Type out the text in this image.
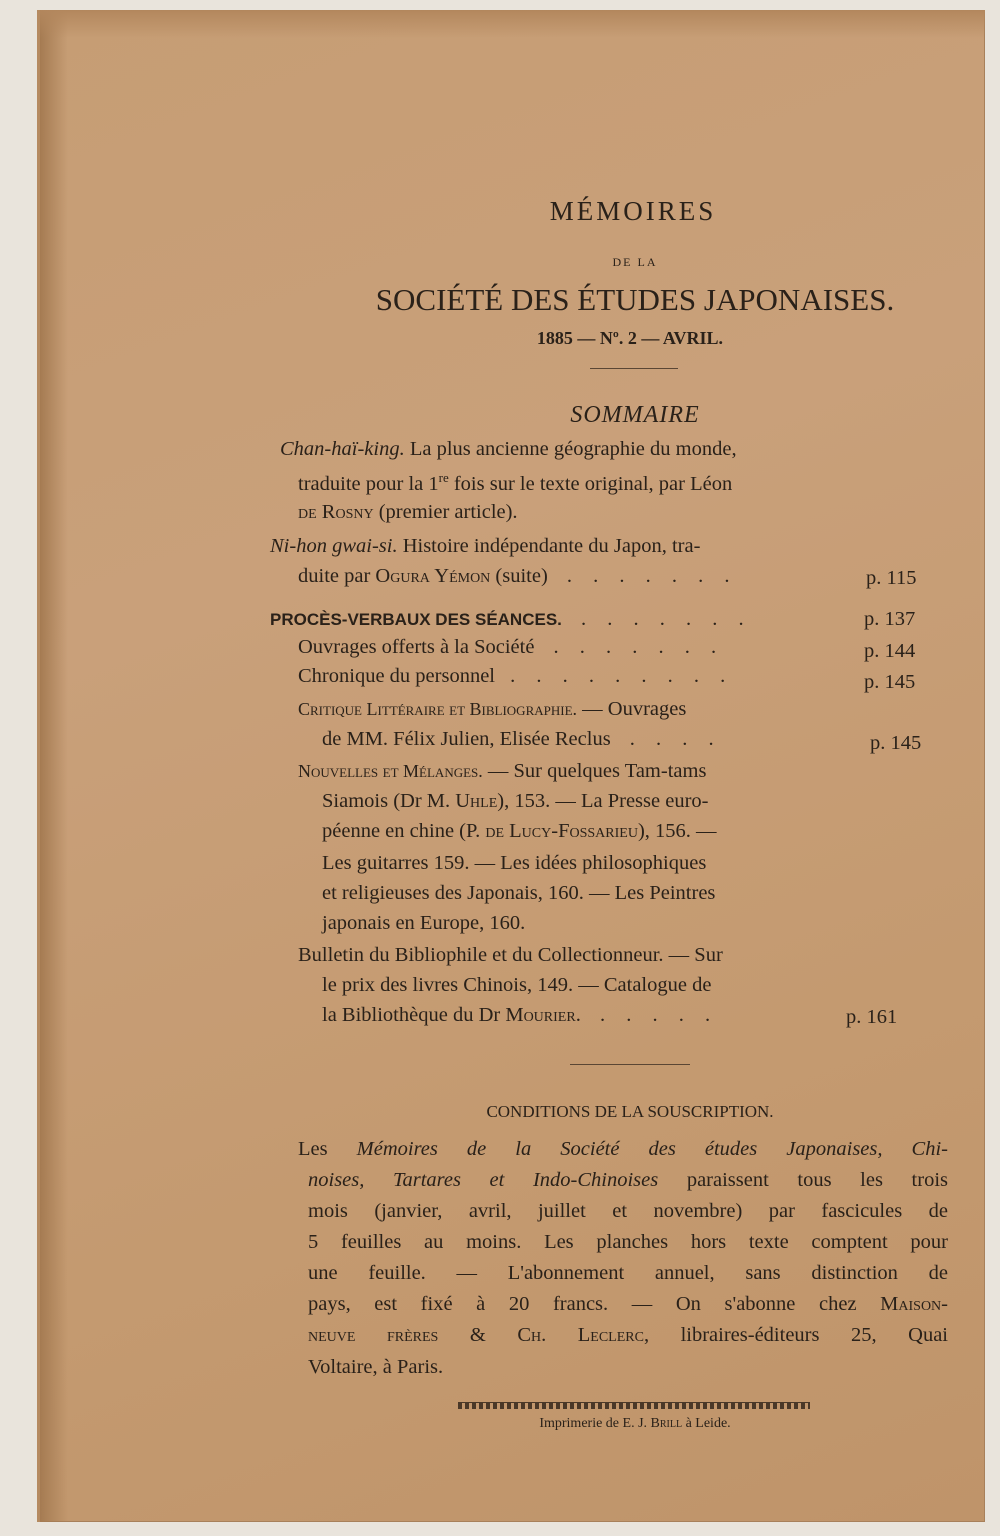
MÉMOIRES
DE LA
SOCIÉTÉ DES ÉTUDES JAPONAISES.
1885 — Nº. 2 — AVRIL.
SOMMAIRE
Chan-haï-king. La plus ancienne géographie du monde,
traduite pour la 1re fois sur le texte original, par Léon
de Rosny (premier article).
Ni-hon gwai-si. Histoire indépendante du Japon, tra-
duite par Ogura Yémon (suite) . . . . . . .	p. 115
PROCÈS-VERBAUX DES SÉANCES. . . . . . . .	p. 137
Ouvrages offerts à la Société . . . . . . .	p. 144
Chronique du personnel . . . . . . . . .	p. 145
Critique Littéraire et Bibliographie. — Ouvrages
de MM. Félix Julien, Elisée Reclus . . . .	p. 145
Nouvelles et Mélanges. — Sur quelques Tam-tams
Siamois (Dr M. Uhle), 153. — La Presse euro-
péenne en chine (P. de Lucy-Fossarieu), 156. —
Les guitarres 159. — Les idées philosophiques
et religieuses des Japonais, 160. — Les Peintres
japonais en Europe, 160.
Bulletin du Bibliophile et du Collectionneur. — Sur
le prix des livres Chinois, 149. — Catalogue de
la Bibliothèque du Dr Mourier. . . . . .	p. 161
CONDITIONS DE LA SOUSCRIPTION.
Les Mémoires de la Société des études Japonaises, Chi-
noises, Tartares et Indo-Chinoises paraissent tous les trois
mois (janvier, avril, juillet et novembre) par fascicules de
5 feuilles au moins. Les planches hors texte comptent pour
une feuille. — L'abonnement annuel, sans distinction de
pays, est fixé à 20 francs. — On s'abonne chez Maison-
neuve frères & Ch. Leclerc, libraires-éditeurs 25, Quai
Voltaire, à Paris.
Imprimerie de E. J. Brill à Leide.
